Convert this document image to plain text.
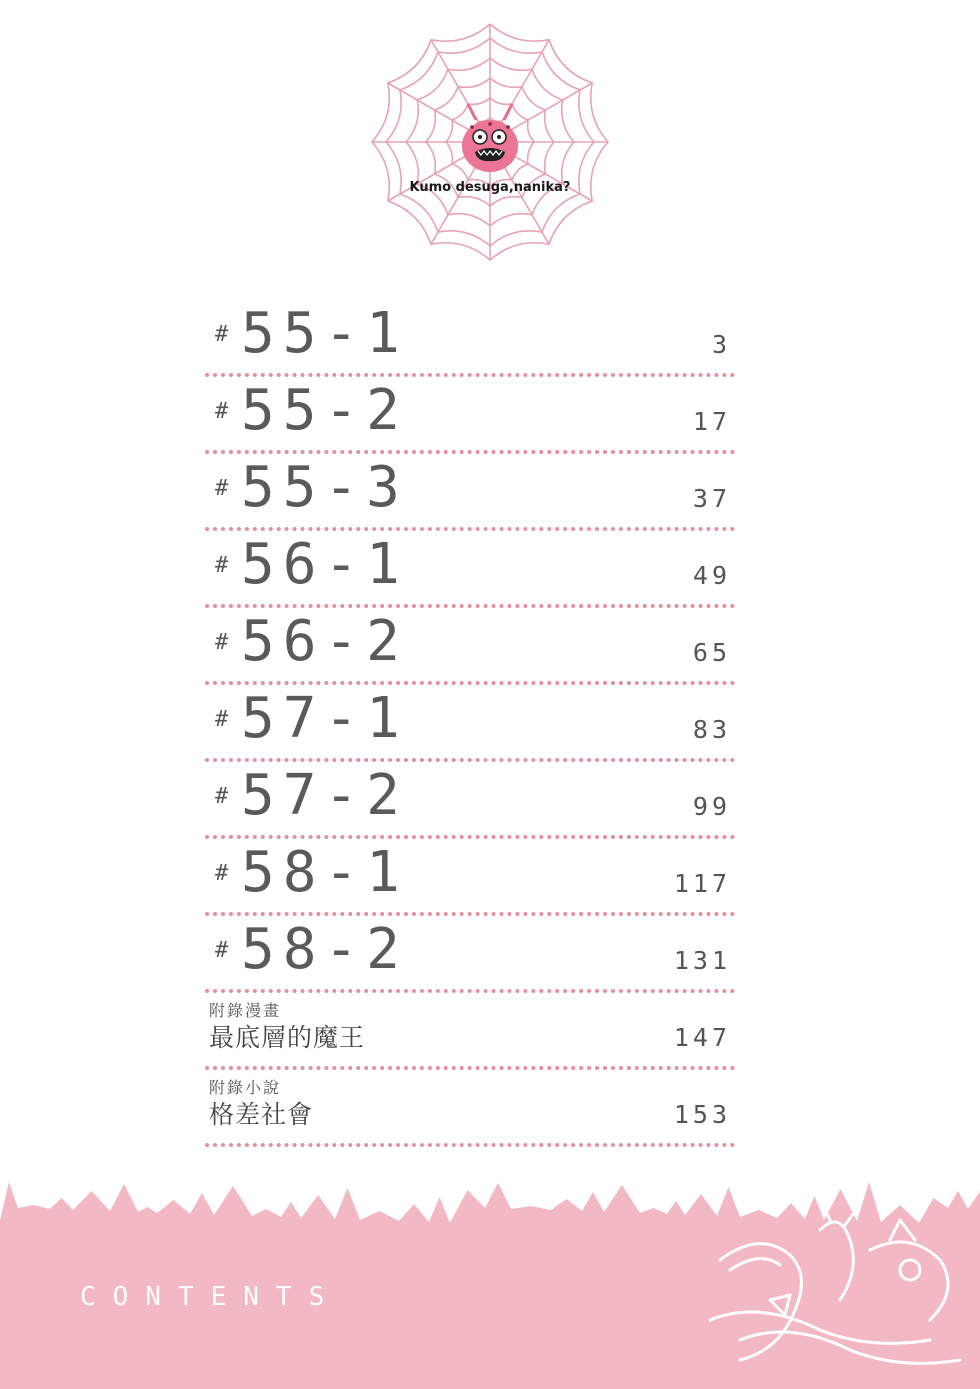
Kumo desuga,nanika?
# 55-1	3
# 55-2	17
# 55-3	37
# 56-1	49
# 56-2	65
# 57-1	83
# 57-2	99
# 58-1	117
# 58-2	131
附錄漫畫
最底層的魔王	147
附錄小說
格差社會	153
CONTENTS
